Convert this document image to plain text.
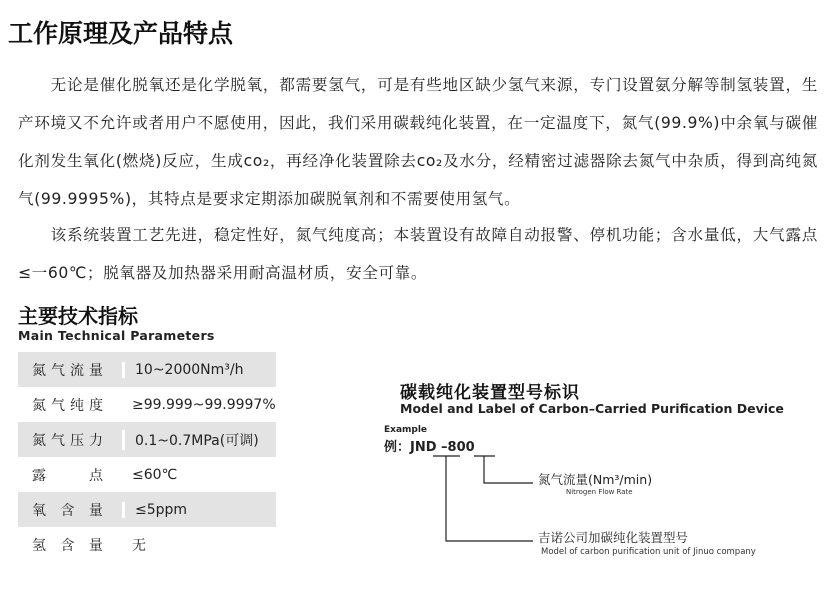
工作原理及产品特点

　　无论是催化脱氧还是化学脱氧，都需要氢气，可是有些地区缺少氢气来源，专门设置氨分解等制氢装置，生产环境又不允许或者用户不愿使用，因此，我们采用碳载纯化装置，在一定温度下，氮气(99.9%)中余氧与碳催化剂发生氧化(燃烧)反应，生成co₂，再经净化装置除去co₂及水分，经精密过滤器除去氮气中杂质，得到高纯氮气(99.9995%)，其特点是要求定期添加碳脱氧剂和不需要使用氢气。

　　该系统装置工艺先进，稳定性好，氮气纯度高；本装置设有故障自动报警、停机功能；含水量低，大气露点≤一60℃；脱氧器及加热器采用耐高温材质，安全可靠。

主要技术指标
Main Technical Parameters
氮气流量	10~2000Nm³/h
氮气纯度	≥99.999~99.9997%
氮气压力	0.1~0.7MPa(可调)
露　　点	≤60℃
氧 含 量	≤5ppm
氢 含 量	无
碳载纯化装置型号标识
Model and Label of Carbon–Carried Purification Device
Example
例：JND –800
氮气流量(Nm³/min)
Nitrogen Flow Rate
吉诺公司加碳纯化装置型号
Model of carbon purification unit of Jinuo company
